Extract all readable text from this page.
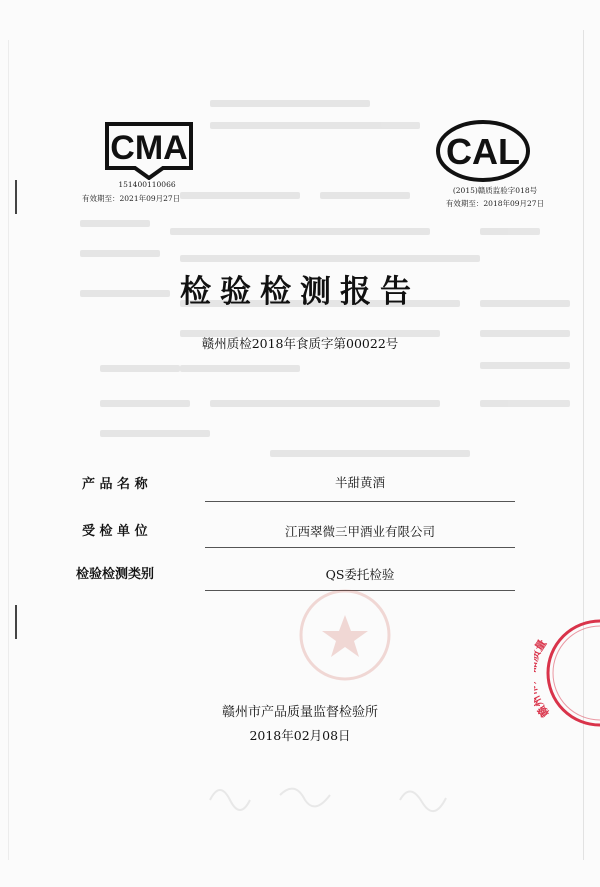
CMA
151400110066
有效期至：2021年09月27日
CAL
(2015)赣质监验字018号
有效期至：2018年09月27日
检验检测报告
赣州质检2018年食质字第00022号
产 品 名 称	半甜黄酒
受 检 单 位	江西翠微三甲酒业有限公司
检验检测类别	QS委托检验
赣州市产品质量监督检验所
2018年02月08日
赣 量
